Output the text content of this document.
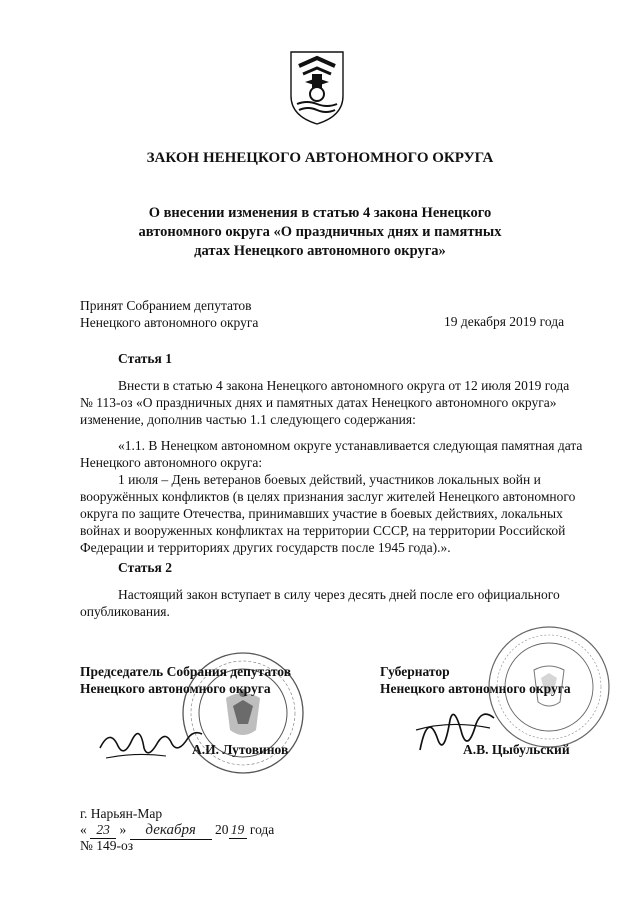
ЗАКОН НЕНЕЦКОГО АВТОНОМНОГО ОКРУГА
О внесении изменения в статью 4 закона Ненецкого
автономного округа «О праздничных днях и памятных
датах Ненецкого автономного округа»
Принят Собранием депутатов
Ненецкого автономного округа	19 декабря 2019 года
Статья 1
Внести в статью 4 закона Ненецкого автономного округа от 12 июля 2019 года
№ 113-оз «О праздничных днях и памятных датах Ненецкого автономного округа»
изменение, дополнив частью 1.1 следующего содержания:
«1.1. В Ненецком автономном округе устанавливается следующая памятная дата
Ненецкого автономного округа:
1 июля – День ветеранов боевых действий, участников локальных войн и
вооружённых конфликтов (в целях признания заслуг жителей Ненецкого автономного
округа по защите Отечества, принимавших участие в боевых действиях, локальных
войнах и вооруженных конфликтах на территории СССР, на территории Российской
Федерации и территориях других государств после 1945 года).».
Статья 2
Настоящий закон вступает в силу через десять дней после его официального
опубликования.
Председатель Собрания депутатов
Ненецкого автономного округа
А.И. Лутовинов
Губернатор
Ненецкого автономного округа
А.В. Цыбульский
г. Нарьян-Мар
« 23 » декабря 20 19 года
№ 149-оз
